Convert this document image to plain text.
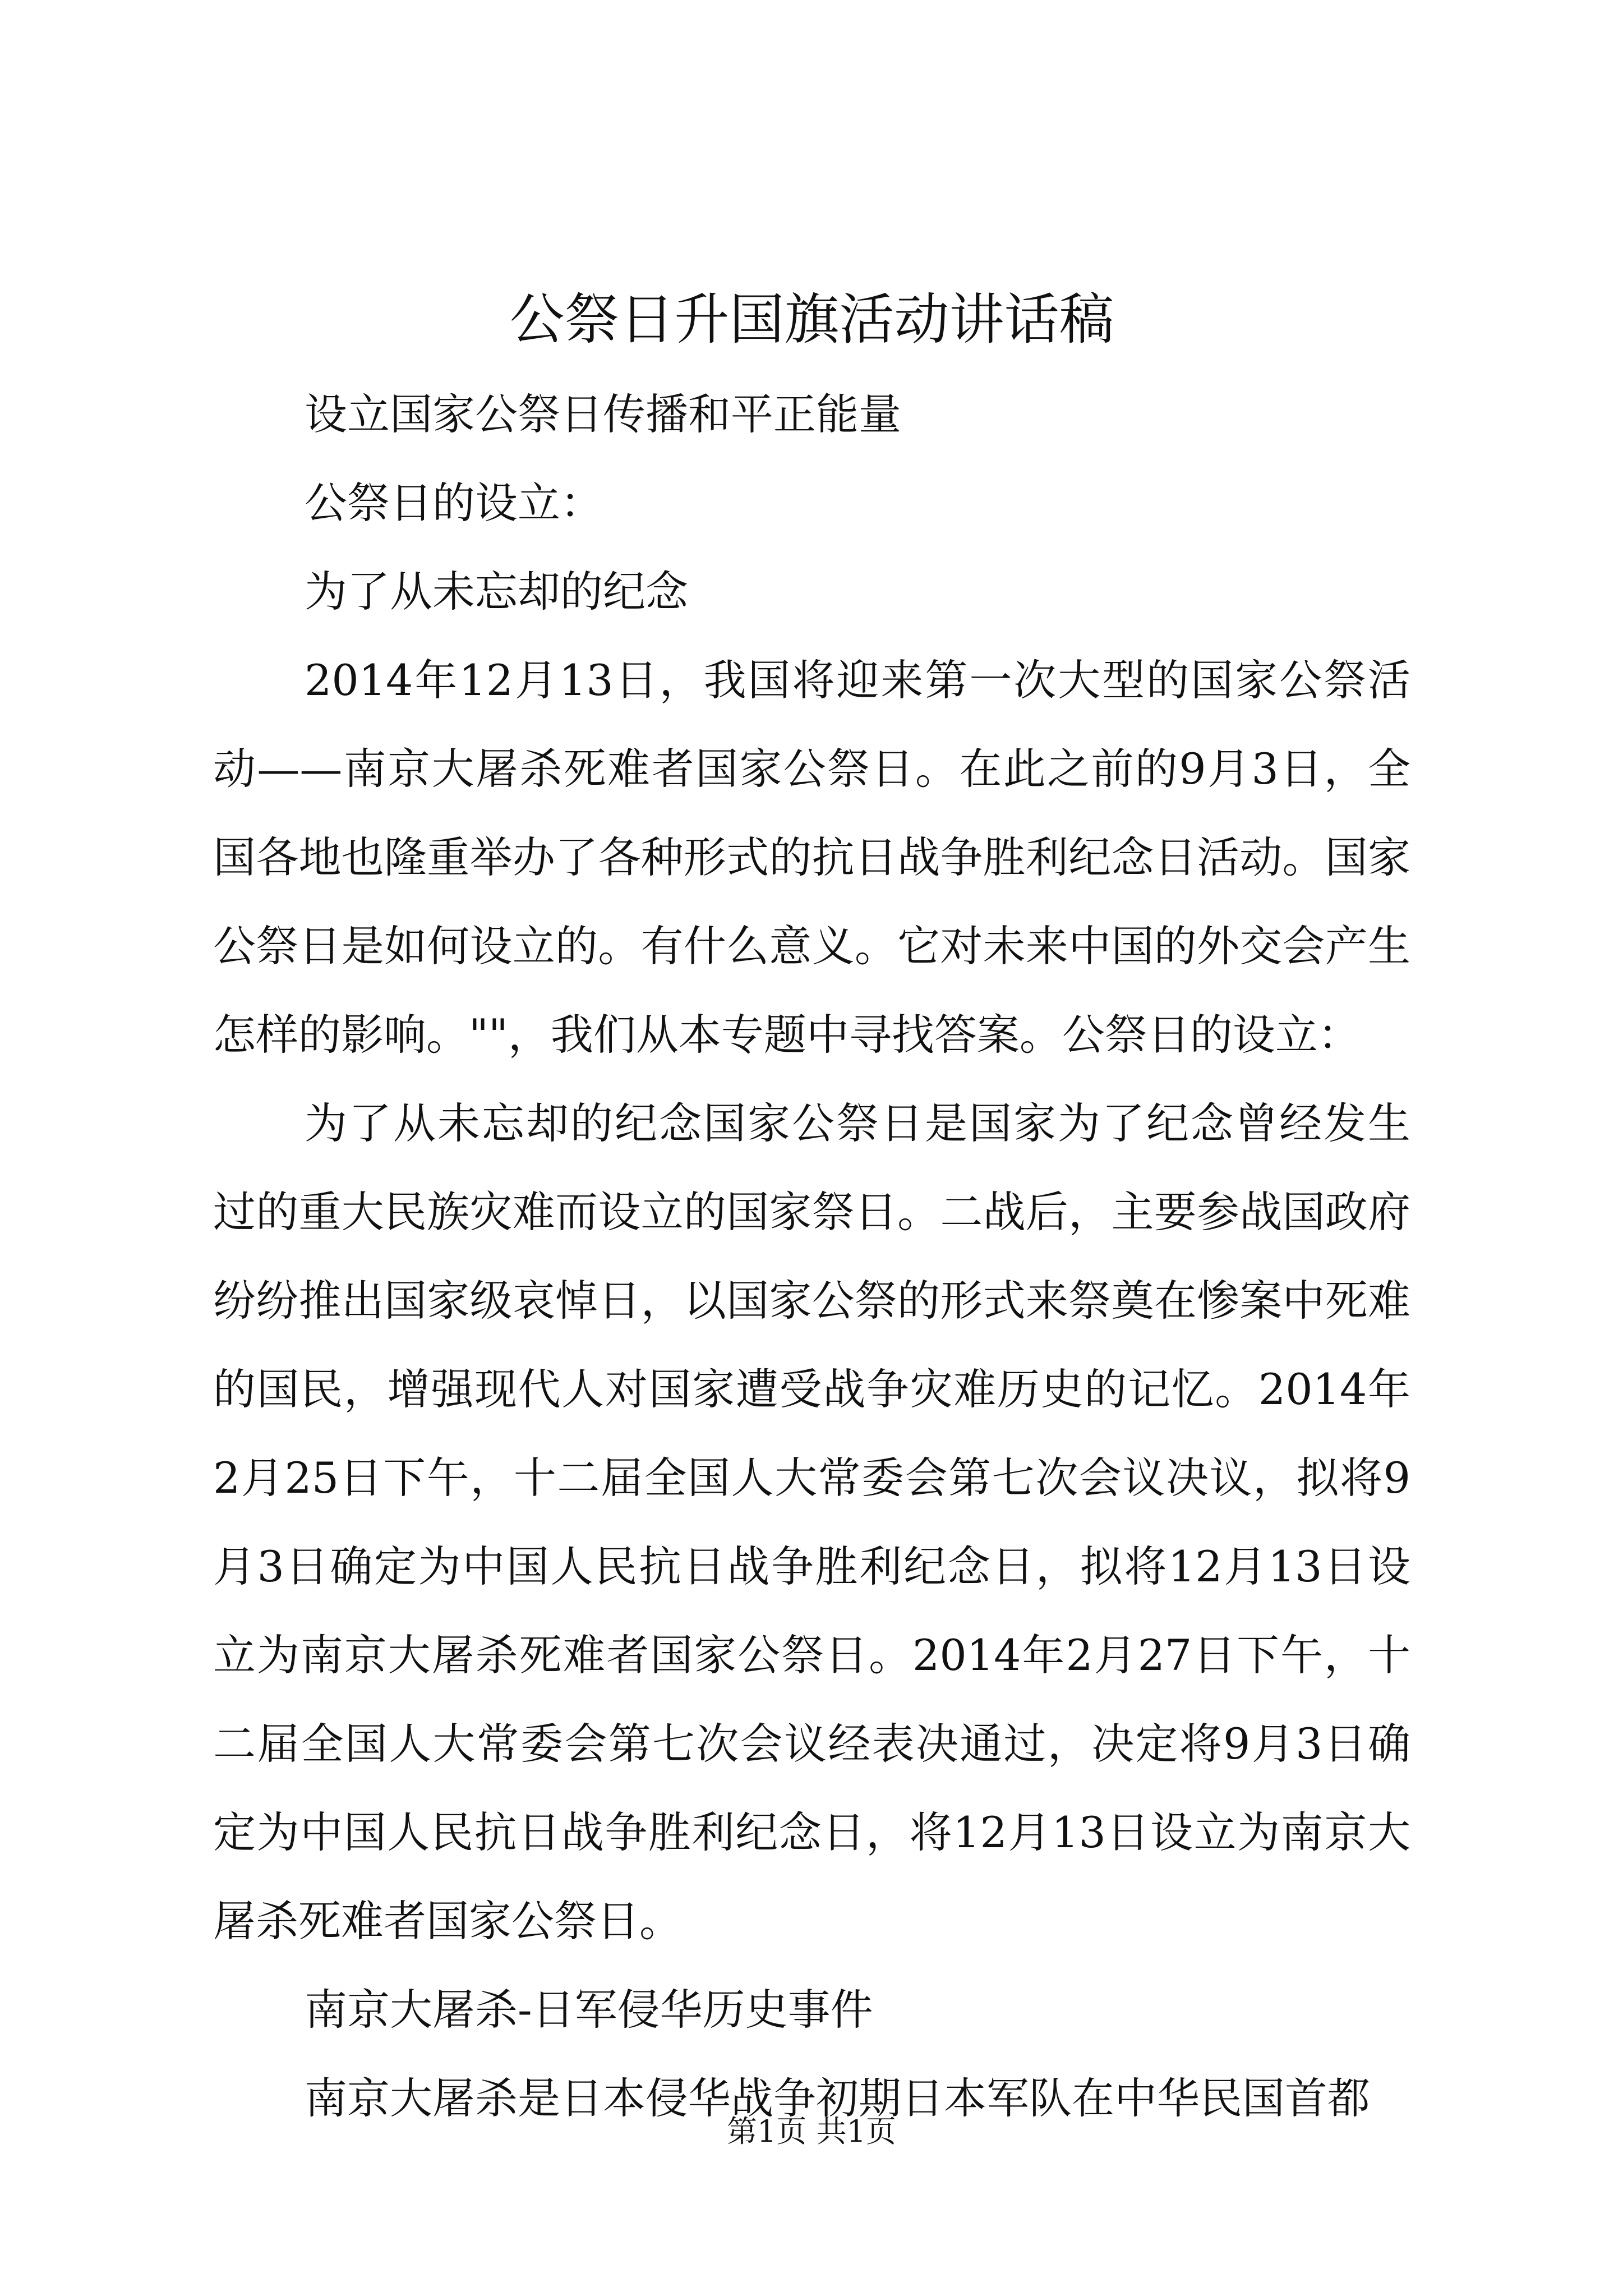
公祭日升国旗活动讲话稿

设立国家公祭日传播和平正能量

公祭日的设立：

为了从未忘却的纪念

2014年12月13日，我国将迎来第一次大型的国家公祭活动——南京大屠杀死难者国家公祭日。在此之前的9月3日，全国各地也隆重举办了各种形式的抗日战争胜利纪念日活动。国家公祭日是如何设立的。有什么意义。它对未来中国的外交会产生怎样的影响。""，我们从本专题中寻找答案。公祭日的设立：

为了从未忘却的纪念国家公祭日是国家为了纪念曾经发生过的重大民族灾难而设立的国家祭日。二战后，主要参战国政府纷纷推出国家级哀悼日，以国家公祭的形式来祭奠在惨案中死难的国民，增强现代人对国家遭受战争灾难历史的记忆。2014年2月25日下午，十二届全国人大常委会第七次会议决议，拟将9月3日确定为中国人民抗日战争胜利纪念日，拟将12月13日设立为南京大屠杀死难者国家公祭日。2014年2月27日下午，十二届全国人大常委会第七次会议经表决通过，决定将9月3日确定为中国人民抗日战争胜利纪念日，将12月13日设立为南京大屠杀死难者国家公祭日。

南京大屠杀-日军侵华历史事件

南京大屠杀是日本侵华战争初期日本军队在中华民国首都

第1页 共1页
